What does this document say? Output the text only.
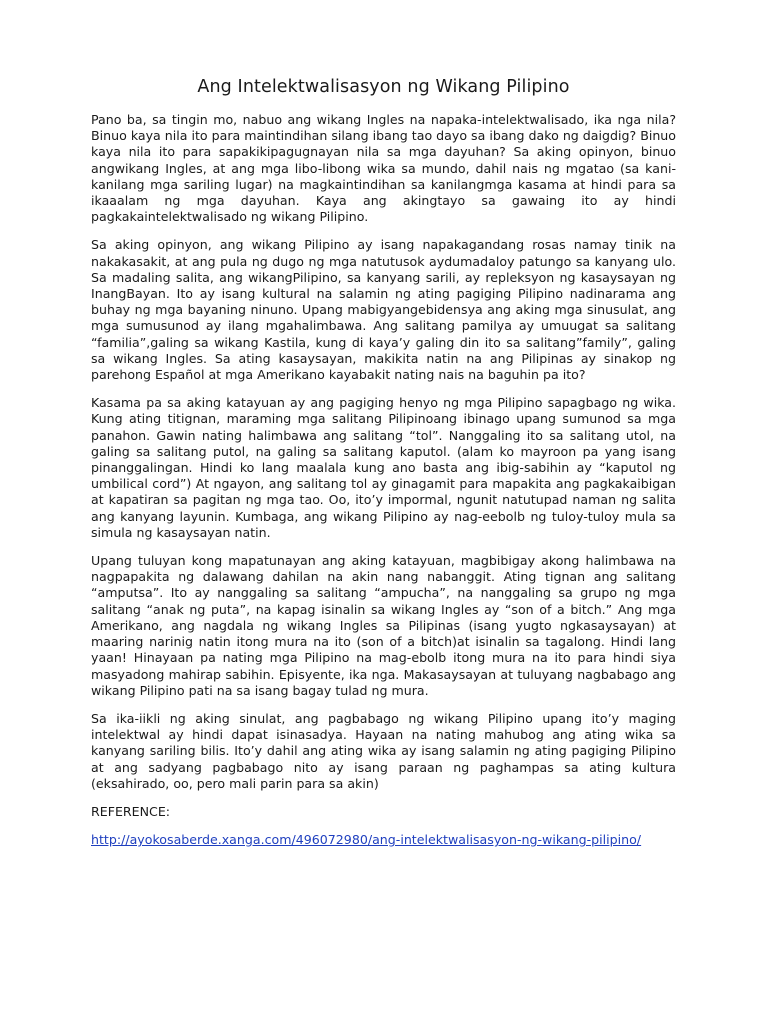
Ang Intelektwalisasyon ng Wikang Pilipino

Pano ba, sa tingin mo, nabuo ang wikang Ingles na napaka-intelektwalisado, ika nga nila? Binuo kaya nila ito para maintindihan silang ibang tao dayo sa ibang dako ng daigdig? Binuo kaya nila ito para sapakikipagugnayan nila sa mga dayuhan? Sa aking opinyon, binuo angwikang Ingles, at ang mga libo-libong wika sa mundo, dahil nais ng mgatao (sa kani-kanilang mga sariling lugar) na magkaintindihan sa kanilangmga kasama at hindi para sa ikaaalam ng mga dayuhan. Kaya ang akingtayo sa gawaing ito ay hindi pagkakaintelektwalisado ng wikang Pilipino.

Sa aking opinyon, ang wikang Pilipino ay isang napakagandang rosas namay tinik na nakakasakit, at ang pula ng dugo ng mga natutusok aydumadaloy patungo sa kanyang ulo. Sa madaling salita, ang wikangPilipino, sa kanyang sarili, ay repleksyon ng kasaysayan ng InangBayan. Ito ay isang kultural na salamin ng ating pagiging Pilipino nadinarama ang buhay ng mga bayaning ninuno. Upang mabigyangebidensya ang aking mga sinusulat, ang mga sumusunod ay ilang mgahalimbawa. Ang salitang pamilya ay umuugat sa salitang “familia”,galing sa wikang Kastila, kung di kaya’y galing din ito sa salitang”family”, galing sa wikang Ingles. Sa ating kasaysayan, makikita natin na ang Pilipinas ay sinakop ng parehong Español at mga Amerikano kayabakit nating nais na baguhin pa ito?

Kasama pa sa aking katayuan ay ang pagiging henyo ng mga Pilipino sapagbago ng wika. Kung ating titignan, maraming mga salitang Pilipinoang ibinago upang sumunod sa mga panahon. Gawin nating halimbawa ang salitang “tol”. Nanggaling ito sa salitang utol, na galing sa salitang putol, na galing sa salitang kaputol. (alam ko mayroon pa yang isang pinanggalingan. Hindi ko lang maalala kung ano basta ang ibig-sabihin ay “kaputol ng umbilical cord”) At ngayon, ang salitang tol ay ginagamit para mapakita ang pagkakaibigan at kapatiran sa pagitan ng mga tao. Oo, ito’y impormal, ngunit natutupad naman ng salita ang kanyang layunin. Kumbaga, ang wikang Pilipino ay nag-eebolb ng tuloy-tuloy mula sa simula ng kasaysayan natin.

Upang tuluyan kong mapatunayan ang aking katayuan, magbibigay akong halimbawa na nagpapakita ng dalawang dahilan na akin nang nabanggit. Ating tignan ang salitang “amputsa”. Ito ay nanggaling sa salitang “ampucha”, na nanggaling sa grupo ng mga salitang “anak ng puta”, na kapag isinalin sa wikang Ingles ay “son of a bitch.” Ang mga Amerikano, ang nagdala ng wikang Ingles sa Pilipinas (isang yugto ngkasaysayan) at maaring narinig natin itong mura na ito (son of a bitch)at isinalin sa tagalong. Hindi lang yaan! Hinayaan pa nating mga Pilipino na mag-ebolb itong mura na ito para hindi siya masyadong mahirap sabihin. Episyente, ika nga. Makasaysayan at tuluyang nagbabago ang wikang Pilipino pati na sa isang bagay tulad ng mura.

Sa ika-iikli ng aking sinulat, ang pagbabago ng wikang Pilipino upang ito’y maging intelektwal ay hindi dapat isinasadya. Hayaan na nating mahubog ang ating wika sa kanyang sariling bilis. Ito’y dahil ang ating wika ay isang salamin ng ating pagiging Pilipino at ang sadyang pagbabago nito ay isang paraan ng paghampas sa ating kultura (eksahirado, oo, pero mali parin para sa akin)

REFERENCE:

http://ayokosaberde.xanga.com/496072980/ang-intelektwalisasyon-ng-wikang-pilipino/
